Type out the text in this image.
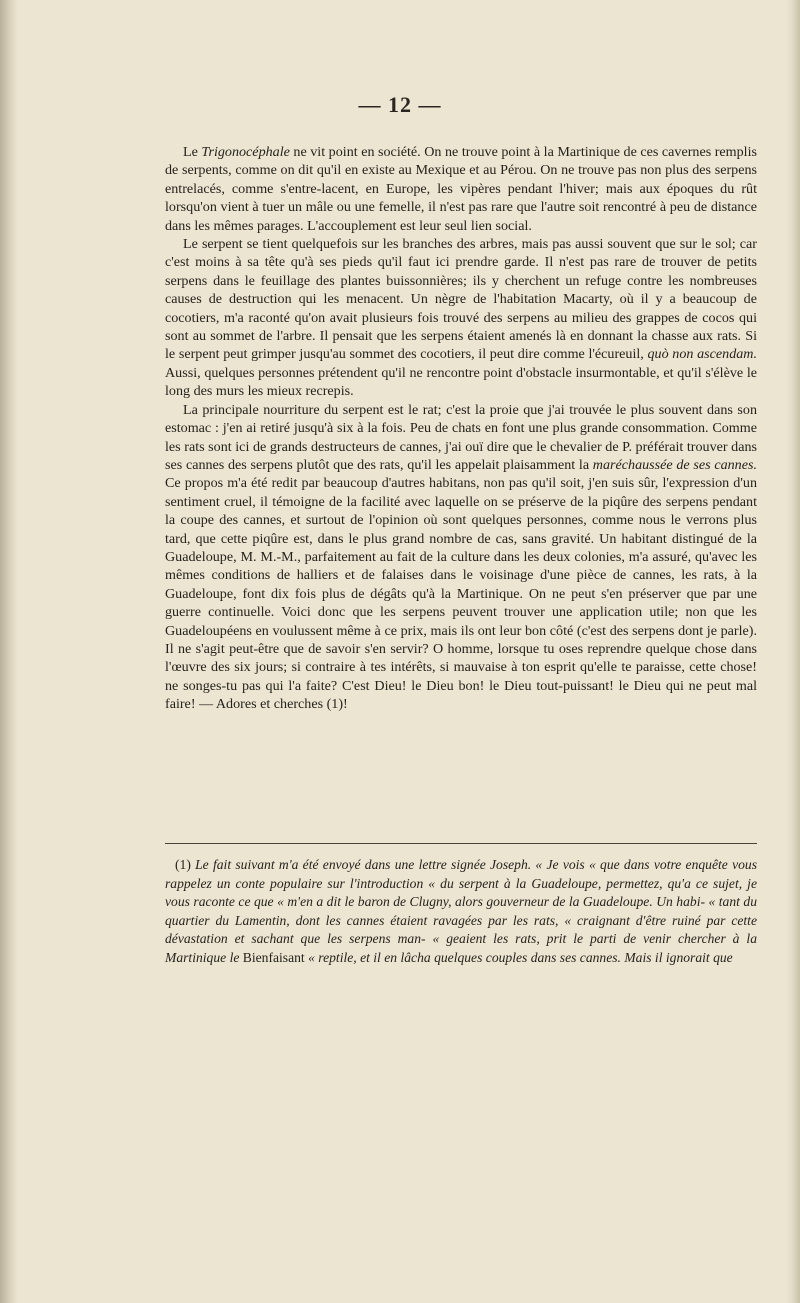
— 12 —

Le Trigonocéphale ne vit point en société. On ne trouve point à la Martinique de ces cavernes remplis de serpents, comme on dit qu'il en existe au Mexique et au Pérou. On ne trouve pas non plus des serpens entrelacés, comme s'entre-lacent, en Europe, les vipères pendant l'hiver; mais aux époques du rût lorsqu'on vient à tuer un mâle ou une femelle, il n'est pas rare que l'autre soit rencontré à peu de distance dans les mêmes parages. L'accouplement est leur seul lien social.

Le serpent se tient quelquefois sur les branches des arbres, mais pas aussi souvent que sur le sol; car c'est moins à sa tête qu'à ses pieds qu'il faut ici prendre garde. Il n'est pas rare de trouver de petits serpens dans le feuillage des plantes buissonnières; ils y cherchent un refuge contre les nombreuses causes de destruction qui les menacent. Un nègre de l'habitation Macarty, où il y a beaucoup de cocotiers, m'a raconté qu'on avait plusieurs fois trouvé des serpens au milieu des grappes de cocos qui sont au sommet de l'arbre. Il pensait que les serpens étaient amenés là en donnant la chasse aux rats. Si le serpent peut grimper jusqu'au sommet des cocotiers, il peut dire comme l'écureuil, quò non ascendam. Aussi, quelques personnes prétendent qu'il ne rencontre point d'obstacle insurmontable, et qu'il s'élève le long des murs les mieux recrepis.

La principale nourriture du serpent est le rat; c'est la proie que j'ai trouvée le plus souvent dans son estomac : j'en ai retiré jusqu'à six à la fois. Peu de chats en font une plus grande consommation. Comme les rats sont ici de grands destructeurs de cannes, j'ai ouï dire que le chevalier de P. préférait trouver dans ses cannes des serpens plutôt que des rats, qu'il les appelait plaisamment la maréchaussée de ses cannes. Ce propos m'a été redit par beaucoup d'autres habitans, non pas qu'il soit, j'en suis sûr, l'expression d'un sentiment cruel, il témoigne de la facilité avec laquelle on se préserve de la piqûre des serpens pendant la coupe des cannes, et surtout de l'opinion où sont quelques personnes, comme nous le verrons plus tard, que cette piqûre est, dans le plus grand nombre de cas, sans gravité. Un habitant distingué de la Guadeloupe, M. M.-M., parfaitement au fait de la culture dans les deux colonies, m'a assuré, qu'avec les mêmes conditions de halliers et de falaises dans le voisinage d'une pièce de cannes, les rats, à la Guadeloupe, font dix fois plus de dégâts qu'à la Martinique. On ne peut s'en préserver que par une guerre continuelle. Voici donc que les serpens peuvent trouver une application utile; non que les Guadeloupéens en voulussent même à ce prix, mais ils ont leur bon côté (c'est des serpens dont je parle). Il ne s'agit peut-être que de savoir s'en servir? O homme, lorsque tu oses reprendre quelque chose dans l'œuvre des six jours; si contraire à tes intérêts, si mauvaise à ton esprit qu'elle te paraisse, cette chose! ne songes-tu pas qui l'a faite? C'est Dieu! le Dieu bon! le Dieu tout-puissant! le Dieu qui ne peut mal faire! — Adores et cherches (1)!

(1) Le fait suivant m'a été envoyé dans une lettre signée Joseph. « Je vois « que dans votre enquête vous rappelez un conte populaire sur l'introduction « du serpent à la Guadeloupe, permettez, qu'a ce sujet, je vous raconte ce que « m'en a dit le baron de Clugny, alors gouverneur de la Guadeloupe. Un habi- « tant du quartier du Lamentin, dont les cannes étaient ravagées par les rats, « craignant d'être ruiné par cette dévastation et sachant que les serpens man- « geaient les rats, prit le parti de venir chercher à la Martinique le Bienfaisant « reptile, et il en lâcha quelques couples dans ses cannes. Mais il ignorait que
